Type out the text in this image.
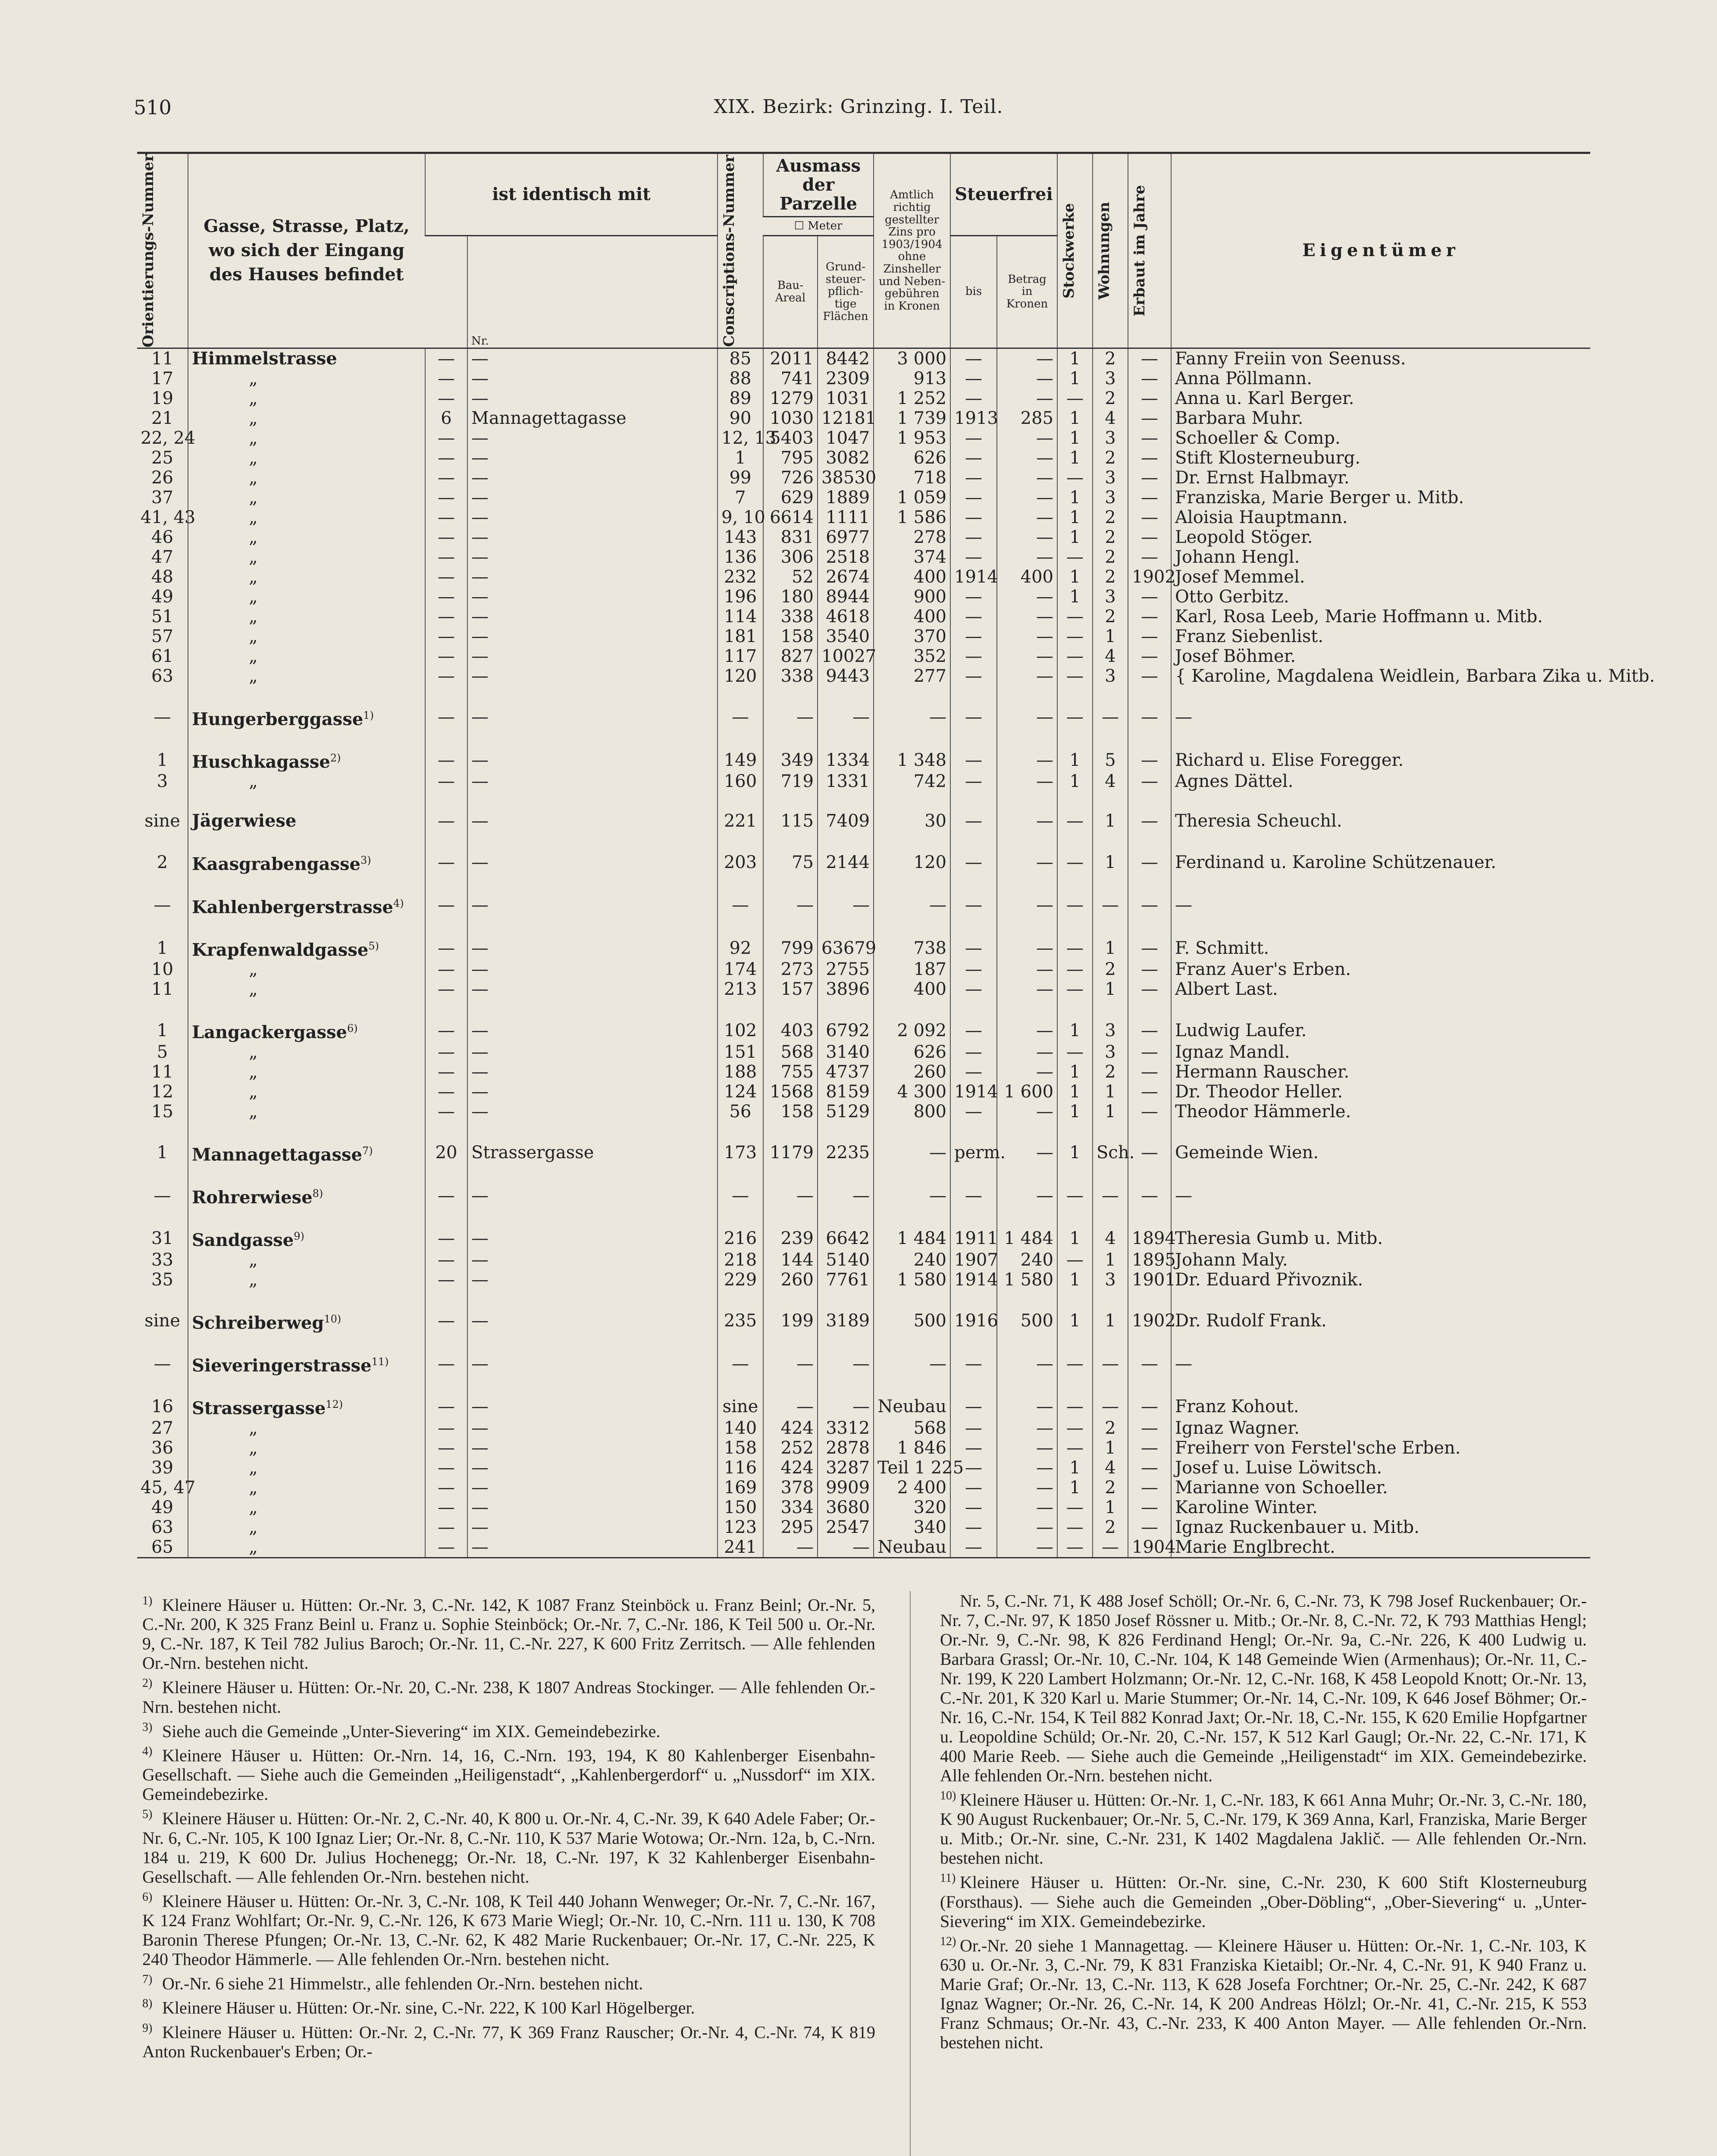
510	XIX. Bezirk: Grinzing. I. Teil.
Orientierungs-Nummer	Gasse, Strasse, Platz, wo sich der Eingang des Hauses befindet	ist identisch mit		Conscriptions-Nummer	Ausmass der Parzelle		Amtlich richtig gestellter Zins pro 1903/1904 ohne Zinsheller und Neben-gebühren in Kronen	Steuerfrei		Stockwerke	Wohnungen	Erbaut im Jahre	Eigentümer
					☐ Meter								
			Nr.		Bau-Areal	Grund-steuer-pflich-tige Flächen		bis	Betrag in Kronen				
11	Himmelstrasse	—	—	85	2011	8442	3 000	—	—	1	2	—	Fanny Freiin von Seenuss.
17	„	—	—	88	741	2309	913	—	—	1	3	—	Anna Pöllmann.
19	„	—	—	89	1279	1031	1 252	—	—	—	2	—	Anna u. Karl Berger.
21	„	6	Mannagettagasse	90	1030	12181	1 739	1913	285	1	4	—	Barbara Muhr.
22, 24	„	—	—	12, 13	5403	1047	1 953	—	—	1	3	—	Schoeller & Comp.
25	„	—	—	1	795	3082	626	—	—	1	2	—	Stift Klosterneuburg.
26	„	—	—	99	726	38530	718	—	—	—	3	—	Dr. Ernst Halbmayr.
37	„	—	—	7	629	1889	1 059	—	—	1	3	—	Franziska, Marie Berger u. Mitb.
41, 43	„	—	—	9, 10	6614	1111	1 586	—	—	1	2	—	Aloisia Hauptmann.
46	„	—	—	143	831	6977	278	—	—	1	2	—	Leopold Stöger.
47	„	—	—	136	306	2518	374	—	—	—	2	—	Johann Hengl.
48	„	—	—	232	52	2674	400	1914	400	1	2	1902	Josef Memmel.
49	„	—	—	196	180	8944	900	—	—	1	3	—	Otto Gerbitz.
51	„	—	—	114	338	4618	400	—	—	—	2	—	Karl, Rosa Leeb, Marie Hoffmann u. Mitb.
57	„	—	—	181	158	3540	370	—	—	—	1	—	Franz Siebenlist.
61	„	—	—	117	827	10027	352	—	—	—	4	—	Josef Böhmer.
63	„	—	—	120	338	9443	277	—	—	—	3	—	{ Karoline, Magdalena Weidlein, Barbara Zika u. Mitb.

—	Hungerberggasse$^{1)}$	—	—	—	—	—	—	—	—	—	—	—	—

1	Huschkagasse$^{2)}$	—	—	149	349	1334	1 348	—	—	1	5	—	Richard u. Elise Foregger.
3	„	—	—	160	719	1331	742	—	—	1	4	—	Agnes Dättel.

sine	Jägerwiese	—	—	221	115	7409	30	—	—	—	1	—	Theresia Scheuchl.

2	Kaasgrabengasse$^{3)}$	—	—	203	75	2144	120	—	—	—	1	—	Ferdinand u. Karoline Schützenauer.

—	Kahlenbergerstrasse$^{4)}$	—	—	—	—	—	—	—	—	—	—	—	—

1	Krapfenwaldgasse$^{5)}$	—	—	92	799	63679	738	—	—	—	1	—	F. Schmitt.
10	„	—	—	174	273	2755	187	—	—	—	2	—	Franz Auer's Erben.
11	„	—	—	213	157	3896	400	—	—	—	1	—	Albert Last.

1	Langackergasse$^{6)}$	—	—	102	403	6792	2 092	—	—	1	3	—	Ludwig Laufer.
5	„	—	—	151	568	3140	626	—	—	—	3	—	Ignaz Mandl.
11	„	—	—	188	755	4737	260	—	—	1	2	—	Hermann Rauscher.
12	„	—	—	124	1568	8159	4 300	1914	1 600	1	1	—	Dr. Theodor Heller.
15	„	—	—	56	158	5129	800	—	—	1	1	—	Theodor Hämmerle.

1	Mannagettagasse$^{7)}$	20	Strassergasse	173	1179	2235	—	perm.	—	1	Sch.	—	Gemeinde Wien.

—	Rohrerwiese$^{8)}$	—	—	—	—	—	—	—	—	—	—	—	—

31	Sandgasse$^{9)}$	—	—	216	239	6642	1 484	1911	1 484	1	4	1894	Theresia Gumb u. Mitb.
33	„	—	—	218	144	5140	240	1907	240	—	1	1895	Johann Maly.
35	„	—	—	229	260	7761	1 580	1914	1 580	1	3	1901	Dr. Eduard Přivoznik.

sine	Schreiberweg$^{10)}$	—	—	235	199	3189	500	1916	500	1	1	1902	Dr. Rudolf Frank.

—	Sieveringerstrasse$^{11)}$	—	—	—	—	—	—	—	—	—	—	—	—

16	Strassergasse$^{12)}$	—	—	sine	—	—	Neubau	—	—	—	—	—	Franz Kohout.
27	„	—	—	140	424	3312	568	—	—	—	2	—	Ignaz Wagner.
36	„	—	—	158	252	2878	1 846	—	—	—	1	—	Freiherr von Ferstel'sche Erben.
39	„	—	—	116	424	3287	Teil 1 225	—	—	1	4	—	Josef u. Luise Löwitsch.
45, 47	„	—	—	169	378	9909	2 400	—	—	1	2	—	Marianne von Schoeller.
49	„	—	—	150	334	3680	320	—	—	—	1	—	Karoline Winter.
63	„	—	—	123	295	2547	340	—	—	—	2	—	Ignaz Ruckenbauer u. Mitb.
65	„	—	—	241	—	—	Neubau	—	—	—	—	1904	Marie Englbrecht.
1) Kleinere Häuser u. Hütten: Or.-Nr. 3, C.-Nr. 142, K 1087 Franz Steinböck u. Franz Beinl; Or.-Nr. 5, C.-Nr. 200, K 325 Franz Beinl u. Franz u. Sophie Steinböck; Or.-Nr. 7, C.-Nr. 186, K Teil 500 u. Or.-Nr. 9, C.-Nr. 187, K Teil 782 Julius Baroch; Or.-Nr. 11, C.-Nr. 227, K 600 Fritz Zerritsch. — Alle fehlenden Or.-Nrn. bestehen nicht.
2) Kleinere Häuser u. Hütten: Or.-Nr. 20, C.-Nr. 238, K 1807 Andreas Stockinger. — Alle fehlenden Or.-Nrn. bestehen nicht.
3) Siehe auch die Gemeinde „Unter-Sievering“ im XIX. Gemeindebezirke.
4) Kleinere Häuser u. Hütten: Or.-Nrn. 14, 16, C.-Nrn. 193, 194, K 80 Kahlenberger Eisenbahn-Gesellschaft. — Siehe auch die Gemeinden „Heiligenstadt“, „Kahlenbergerdorf“ u. „Nussdorf“ im XIX. Gemeindebezirke.
5) Kleinere Häuser u. Hütten: Or.-Nr. 2, C.-Nr. 40, K 800 u. Or.-Nr. 4, C.-Nr. 39, K 640 Adele Faber; Or.-Nr. 6, C.-Nr. 105, K 100 Ignaz Lier; Or.-Nr. 8, C.-Nr. 110, K 537 Marie Wotowa; Or.-Nrn. 12a, b, C.-Nrn. 184 u. 219, K 600 Dr. Julius Hochenegg; Or.-Nr. 18, C.-Nr. 197, K 32 Kahlenberger Eisenbahn-Gesellschaft. — Alle fehlenden Or.-Nrn. bestehen nicht.
6) Kleinere Häuser u. Hütten: Or.-Nr. 3, C.-Nr. 108, K Teil 440 Johann Wenweger; Or.-Nr. 7, C.-Nr. 167, K 124 Franz Wohlfart; Or.-Nr. 9, C.-Nr. 126, K 673 Marie Wiegl; Or.-Nr. 10, C.-Nrn. 111 u. 130, K 708 Baronin Therese Pfungen; Or.-Nr. 13, C.-Nr. 62, K 482 Marie Ruckenbauer; Or.-Nr. 17, C.-Nr. 225, K 240 Theodor Hämmerle. — Alle fehlenden Or.-Nrn. bestehen nicht.
7) Or.-Nr. 6 siehe 21 Himmelstr., alle fehlenden Or.-Nrn. bestehen nicht.
8) Kleinere Häuser u. Hütten: Or.-Nr. sine, C.-Nr. 222, K 100 Karl Högelberger.
9) Kleinere Häuser u. Hütten: Or.-Nr. 2, C.-Nr. 77, K 369 Franz Rauscher; Or.-Nr. 4, C.-Nr. 74, K 819 Anton Ruckenbauer's Erben; Or.-
Nr. 5, C.-Nr. 71, K 488 Josef Schöll; Or.-Nr. 6, C.-Nr. 73, K 798 Josef Ruckenbauer; Or.-Nr. 7, C.-Nr. 97, K 1850 Josef Rössner u. Mitb.; Or.-Nr. 8, C.-Nr. 72, K 793 Matthias Hengl; Or.-Nr. 9, C.-Nr. 98, K 826 Ferdinand Hengl; Or.-Nr. 9a, C.-Nr. 226, K 400 Ludwig u. Barbara Grassl; Or.-Nr. 10, C.-Nr. 104, K 148 Gemeinde Wien (Armenhaus); Or.-Nr. 11, C.-Nr. 199, K 220 Lambert Holzmann; Or.-Nr. 12, C.-Nr. 168, K 458 Leopold Knott; Or.-Nr. 13, C.-Nr. 201, K 320 Karl u. Marie Stummer; Or.-Nr. 14, C.-Nr. 109, K 646 Josef Böhmer; Or.-Nr. 16, C.-Nr. 154, K Teil 882 Konrad Jaxt; Or.-Nr. 18, C.-Nr. 155, K 620 Emilie Hopfgartner u. Leopoldine Schüld; Or.-Nr. 20, C.-Nr. 157, K 512 Karl Gaugl; Or.-Nr. 22, C.-Nr. 171, K 400 Marie Reeb. — Siehe auch die Gemeinde „Heiligenstadt“ im XIX. Gemeindebezirke. Alle fehlenden Or.-Nrn. bestehen nicht.
10) Kleinere Häuser u. Hütten: Or.-Nr. 1, C.-Nr. 183, K 661 Anna Muhr; Or.-Nr. 3, C.-Nr. 180, K 90 August Ruckenbauer; Or.-Nr. 5, C.-Nr. 179, K 369 Anna, Karl, Franziska, Marie Berger u. Mitb.; Or.-Nr. sine, C.-Nr. 231, K 1402 Magdalena Jaklič. — Alle fehlenden Or.-Nrn. bestehen nicht.
11) Kleinere Häuser u. Hütten: Or.-Nr. sine, C.-Nr. 230, K 600 Stift Klosterneuburg (Forsthaus). — Siehe auch die Gemeinden „Ober-Döbling“, „Ober-Sievering“ u. „Unter-Sievering“ im XIX. Gemeindebezirke.
12) Or.-Nr. 20 siehe 1 Mannagettag. — Kleinere Häuser u. Hütten: Or.-Nr. 1, C.-Nr. 103, K 630 u. Or.-Nr. 3, C.-Nr. 79, K 831 Franziska Kietaibl; Or.-Nr. 4, C.-Nr. 91, K 940 Franz u. Marie Graf; Or.-Nr. 13, C.-Nr. 113, K 628 Josefa Forchtner; Or.-Nr. 25, C.-Nr. 242, K 687 Ignaz Wagner; Or.-Nr. 26, C.-Nr. 14, K 200 Andreas Hölzl; Or.-Nr. 41, C.-Nr. 215, K 553 Franz Schmaus; Or.-Nr. 43, C.-Nr. 233, K 400 Anton Mayer. — Alle fehlenden Or.-Nrn. bestehen nicht.
